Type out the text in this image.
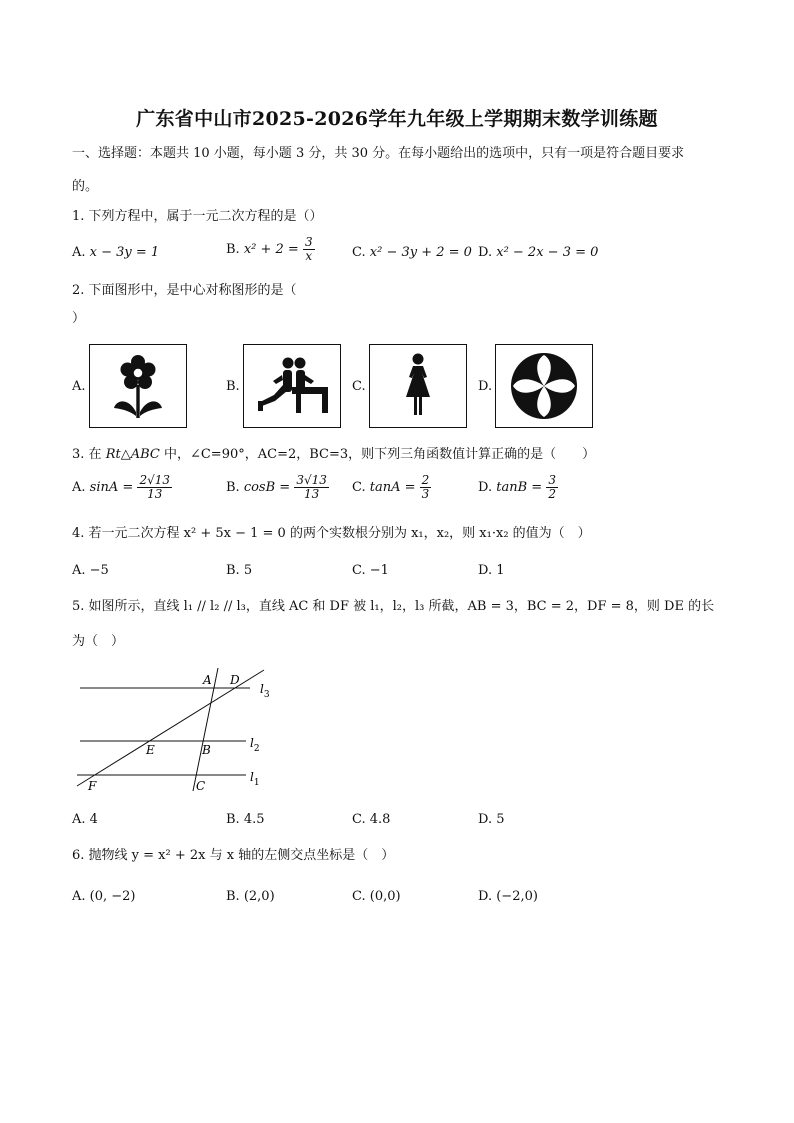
广东省中山市2025-2026学年九年级上学期期末数学训练题
一、选择题：本题共 10 小题，每小题 3 分，共 30 分。在每小题给出的选项中，只有一项是符合题目要求
的。
1. 下列方程中，属于一元二次方程的是（）
A. x − 3y = 1	B. $x^2 + 2 = \frac{3}{x}$	C. x² − 3y + 2 = 0 D. x² − 2x − 3 = 0
2. 下面图形中，是中心对称图形的是（
）
A.	B.	C.	D.
3. 在 Rt△ABC 中，∠C=90°，AC=2，BC=3，则下列三角函数值计算正确的是（　　）
A. $\sin A = \frac{2√13}{13}$	B. $\cos B = \frac{3√13}{13} C$. $\tan A = \frac{2}{3}$	D. $\tan B = \frac{3}{2}$
4. 若一元二次方程 x² + 5x − 1 = 0 的两个实数根分别为 x₁，x₂，则 x₁·x₂ 的值为（　）
A. −5	B. 5	C. −1	D. 1
5. 如图所示，直线 l₁ // l₂ // l₃，直线 AC 和 DF 被 l₁，l₂，l₃ 所截，AB = 3，BC = 2，DF = 8，则 DE 的长
为（　）
A D
E	B
F	C
$l_3$
$l_2$
$l_1$
A. 4	B. 4.5	C. 4.8	D. 5
6. 抛物线 y = x² + 2x 与 x 轴的左侧交点坐标是（　）
A. (0, −2)	B. (2,0)	C. (0,0)	D. (−2,0)
